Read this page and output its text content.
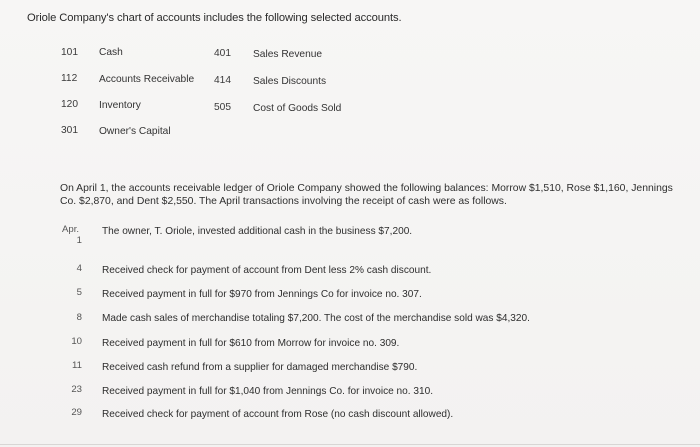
Oriole Company's chart of accounts includes the following selected accounts.
101 Cash
112 Accounts Receivable
120 Inventory
301 Owner's Capital
401 Sales Revenue
414 Sales Discounts
505 Cost of Goods Sold
On April 1, the accounts receivable ledger of Oriole Company showed the following balances: Morrow $1,510, Rose $1,160, Jennings Co. $2,870, and Dent $2,550. The April transactions involving the receipt of cash were as follows.
Apr.
1
The owner, T. Oriole, invested additional cash in the business $7,200.
4 Received check for payment of account from Dent less 2% cash discount.
5 Received payment in full for $970 from Jennings Co for invoice no. 307.
8 Made cash sales of merchandise totaling $7,200. The cost of the merchandise sold was $4,320.
10 Received payment in full for $610 from Morrow for invoice no. 309.
11 Received cash refund from a supplier for damaged merchandise $790.
23 Received payment in full for $1,040 from Jennings Co. for invoice no. 310.
29 Received check for payment of account from Rose (no cash discount allowed).
